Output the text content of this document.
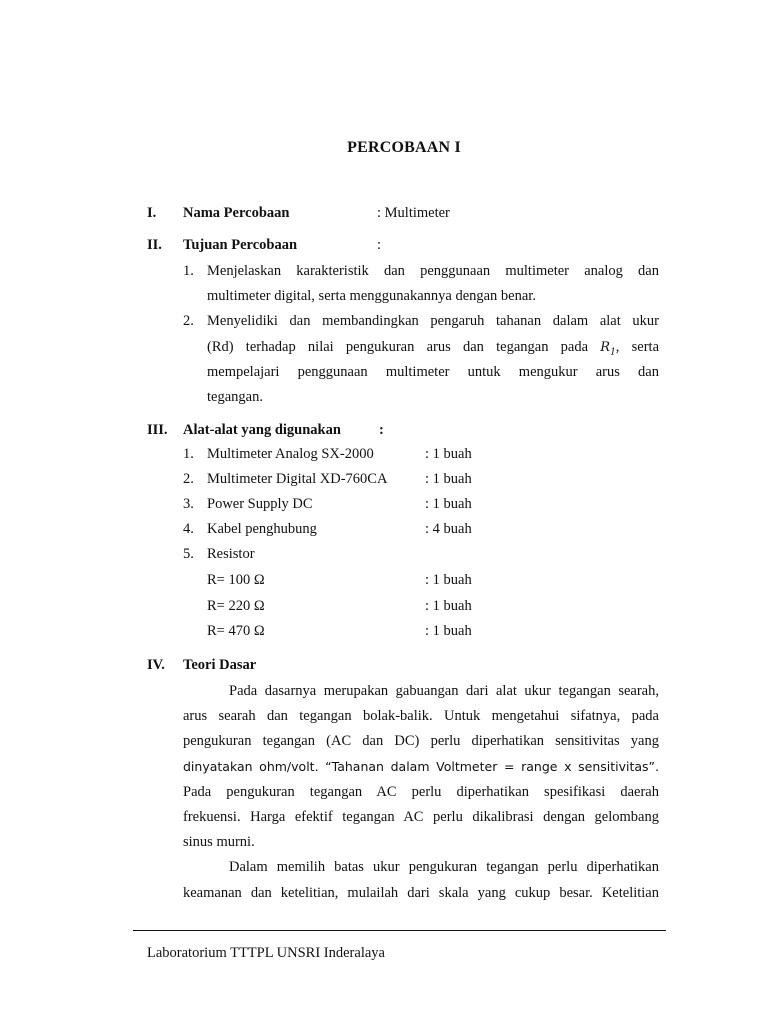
PERCOBAAN I
I. Nama Percobaan	: Multimeter
II. Tujuan Percobaan	:
1. Menjelaskan karakteristik dan penggunaan multimeter analog dan
multimeter digital, serta menggunakannya dengan benar.
2. Menyelidiki dan membandingkan pengaruh tahanan dalam alat ukur
(Rd) terhadap nilai pengukuran arus dan tegangan pada $R_1$, serta
mempelajari penggunaan multimeter untuk mengukur arus dan
tegangan.
III. Alat-alat yang digunakan	:
1. Multimeter Analog SX-2000	: 1 buah
2. Multimeter Digital XD-760CA	: 1 buah
3. Power Supply DC	: 1 buah
4. Kabel penghubung	: 4 buah
5. Resistor
R= 100 Ω	: 1 buah
R= 220 Ω	: 1 buah
R= 470 Ω	: 1 buah
IV. Teori Dasar
Pada dasarnya merupakan gabuangan dari alat ukur tegangan searah,
arus searah dan tegangan bolak-balik. Untuk mengetahui sifatnya, pada
pengukuran tegangan (AC dan DC) perlu diperhatikan sensitivitas yang
dinyatakan ohm/volt. “Tahanan dalam Voltmeter = range x sensitivitas”.
Pada pengukuran tegangan AC perlu diperhatikan spesifikasi daerah
frekuensi. Harga efektif tegangan AC perlu dikalibrasi dengan gelombang
sinus murni.
Dalam memilih batas ukur pengukuran tegangan perlu diperhatikan
keamanan dan ketelitian, mulailah dari skala yang cukup besar. Ketelitian
Laboratorium TTTPL UNSRI Inderalaya
